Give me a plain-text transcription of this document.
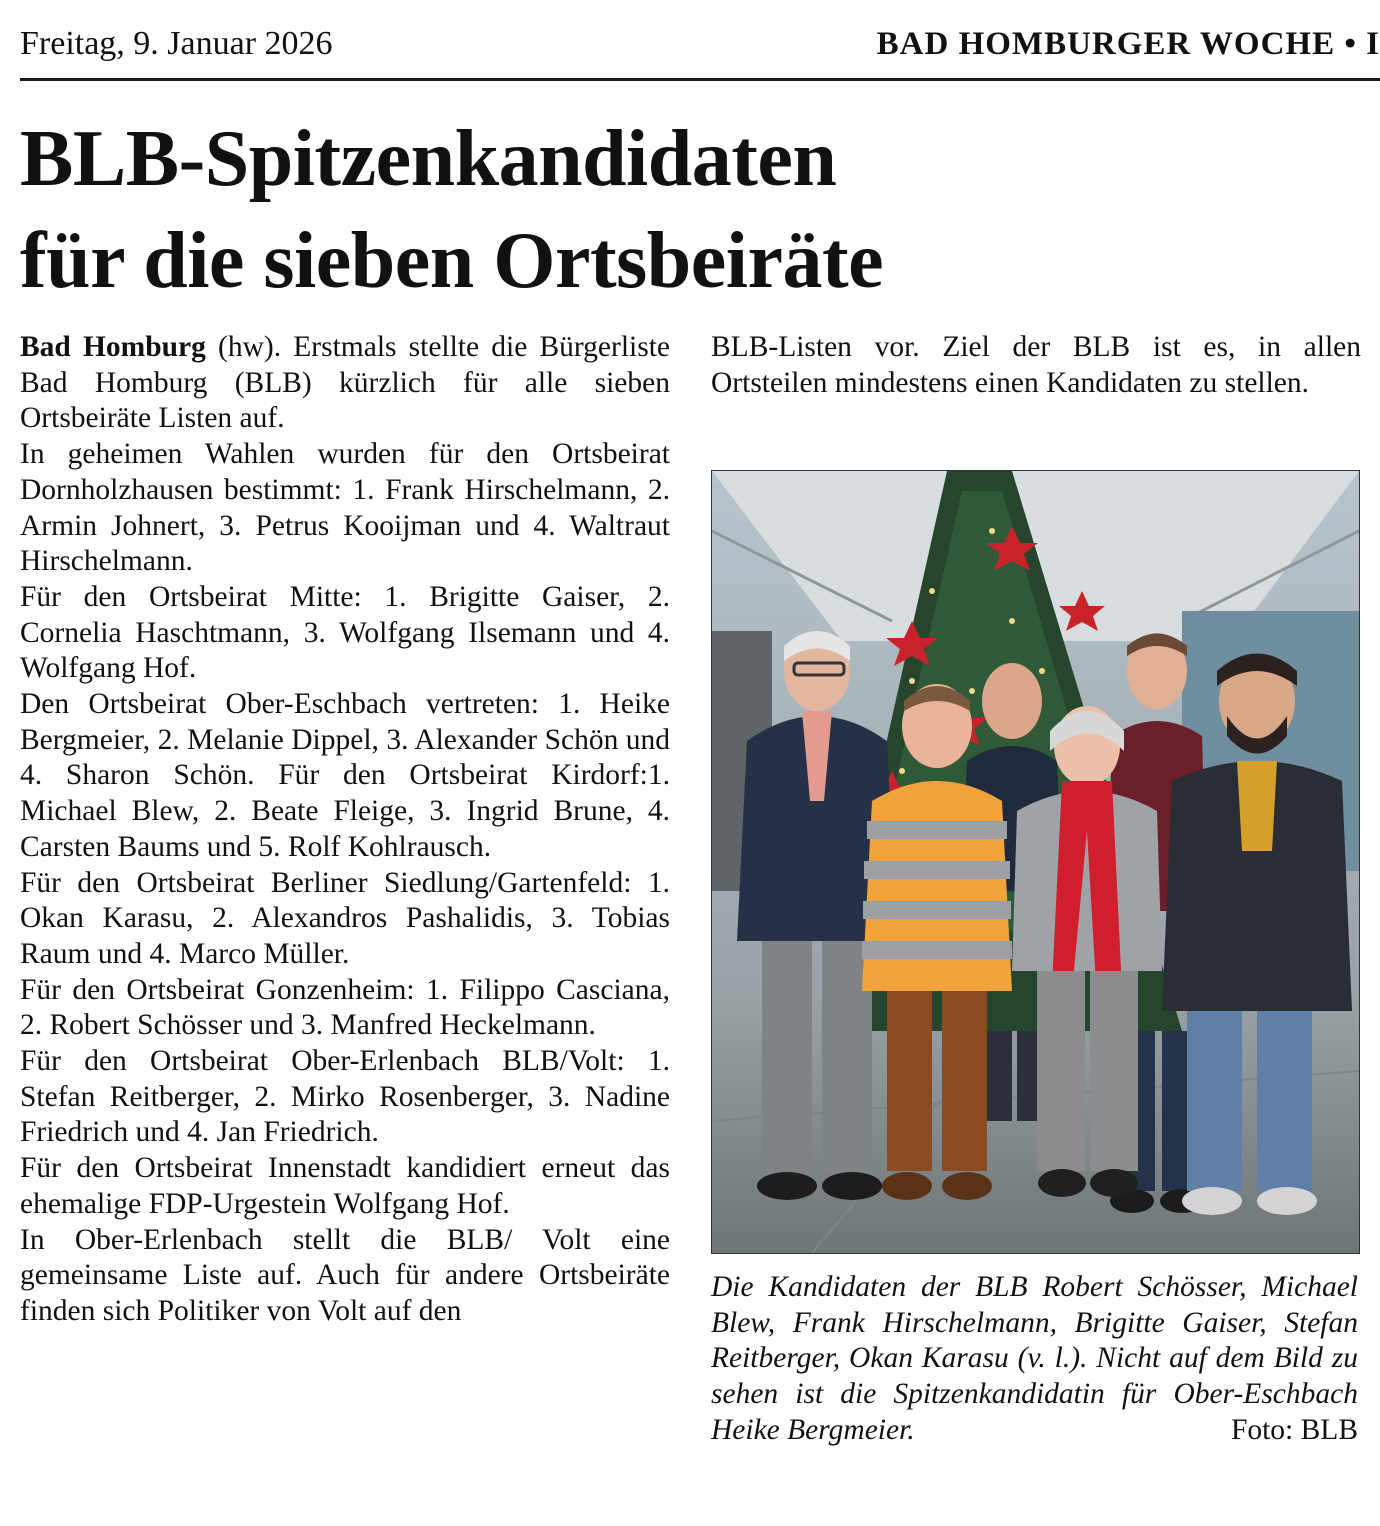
Freitag, 9. Januar 2026	BAD HOMBURGER WOCHE • I
BLB-Spitzenkandidaten
für die sieben Ortsbeiräte

Bad Homburg (hw). Erstmals stellte die Bürgerliste Bad Homburg (BLB) kürzlich für alle sieben Ortsbeiräte Listen auf.

In geheimen Wahlen wurden für den Ortsbeirat Dornholzhausen bestimmt: 1. Frank Hirschelmann, 2. Armin Johnert, 3. Petrus Kooijman und 4. Waltraut Hirschelmann.

Für den Ortsbeirat Mitte: 1. Brigitte Gaiser, 2. Cornelia Haschtmann, 3. Wolfgang Ilsemann und 4. Wolfgang Hof.

Den Ortsbeirat Ober-Eschbach vertreten: 1. Heike Bergmeier, 2. Melanie Dippel, 3. Alexander Schön und 4. Sharon Schön. Für den Ortsbeirat Kirdorf:1. Michael Blew, 2. Beate Fleige, 3. Ingrid Brune, 4. Carsten Baums und 5. Rolf Kohlrausch.

Für den Ortsbeirat Berliner Siedlung/Gartenfeld: 1. Okan Karasu, 2. Alexandros Pashalidis, 3. Tobias Raum und 4. Marco Müller.

Für den Ortsbeirat Gonzenheim: 1. Filippo Casciana, 2. Robert Schösser und 3. Manfred Heckelmann.

Für den Ortsbeirat Ober-Erlenbach BLB/Volt: 1. Stefan Reitberger, 2. Mirko Rosenberger, 3. Nadine Friedrich und 4. Jan Friedrich.

Für den Ortsbeirat Innenstadt kandidiert erneut das ehemalige FDP-Urgestein Wolfgang Hof.

In Ober-Erlenbach stellt die BLB/ Volt eine gemeinsame Liste auf. Auch für andere Ortsbeiräte finden sich Politiker von Volt auf den

BLB-Listen vor. Ziel der BLB ist es, in allen Ortsteilen mindestens einen Kandidaten zu stellen.

Die Kandidaten der BLB Robert Schösser, Michael Blew, Frank Hirschelmann, Brigitte Gaiser, Stefan Reitberger, Okan Karasu (v. l.). Nicht auf dem Bild zu sehen ist die Spitzenkandidatin für Ober-Eschbach Heike Bergmeier.	Foto: BLB
